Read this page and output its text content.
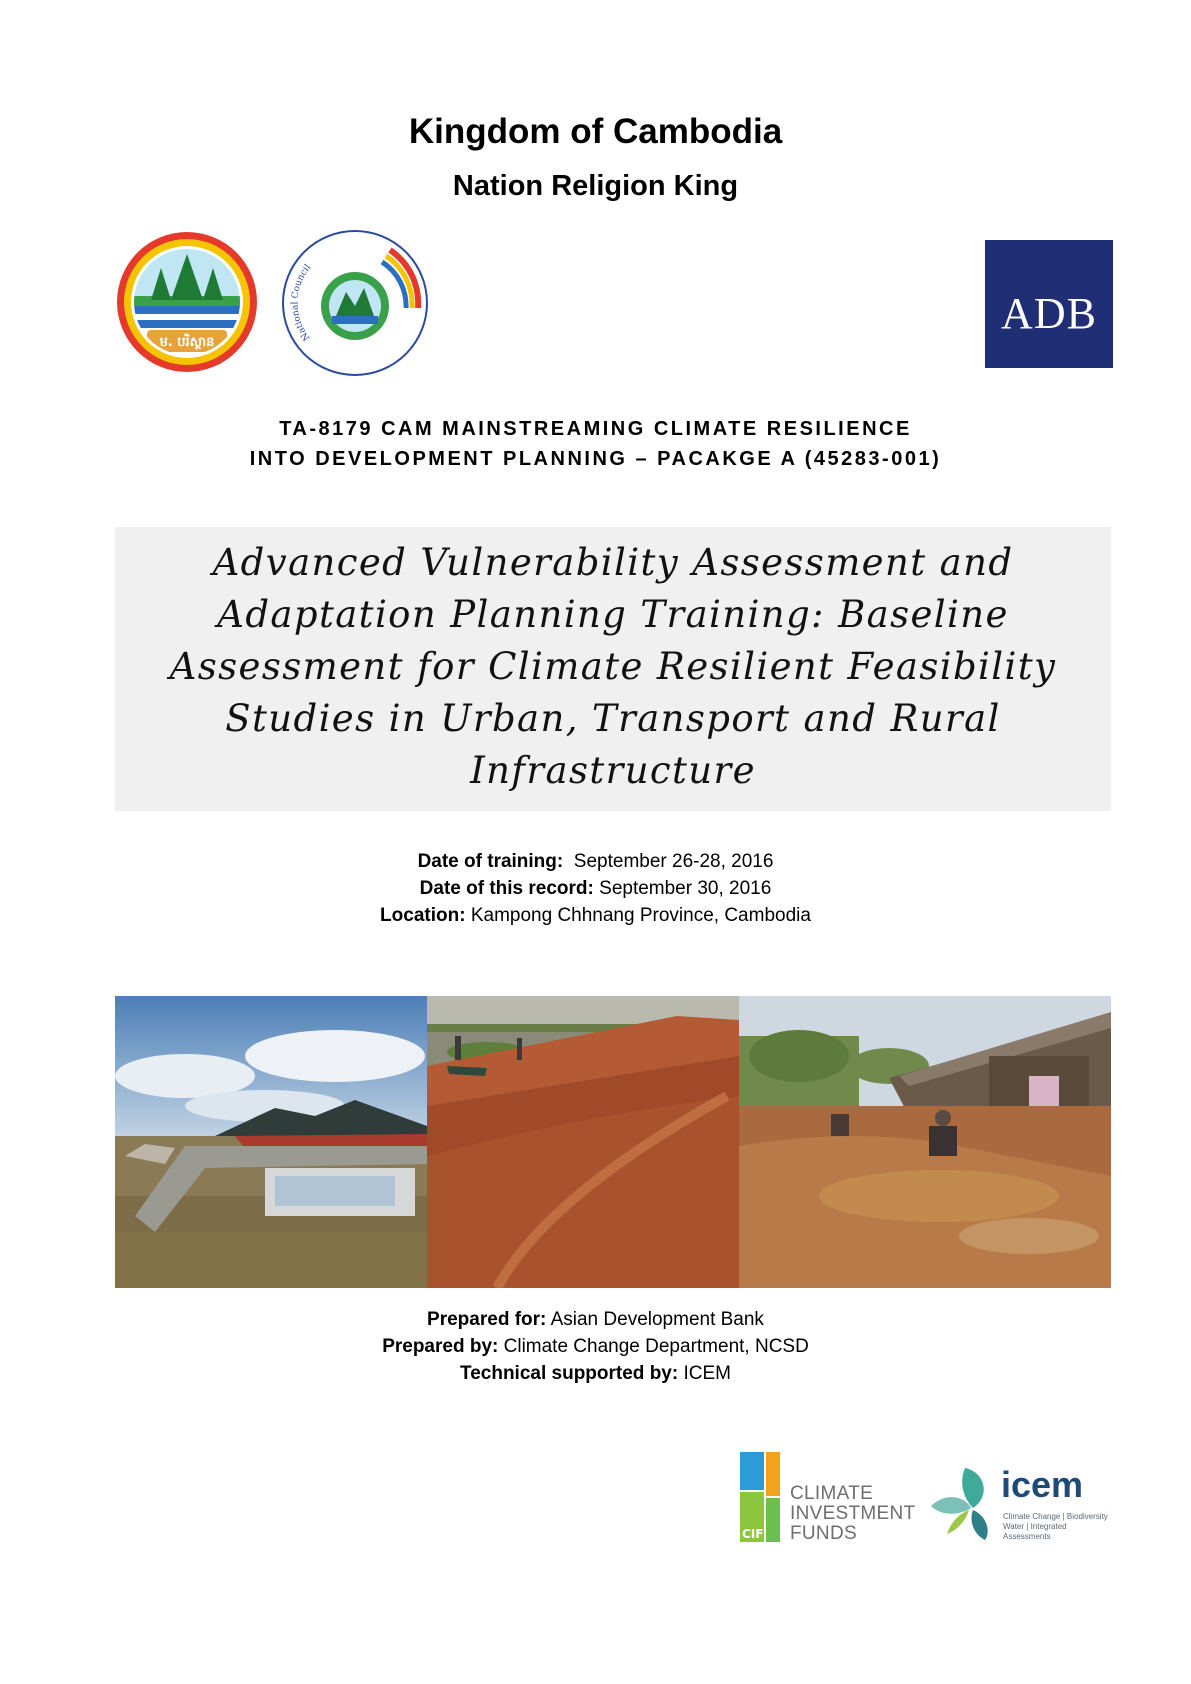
Kingdom of Cambodia
Nation Religion King
ម. បរិស្ថាន	National Council
ADB
TA-8179 CAM MAINSTREAMING CLIMATE RESILIENCE
INTO DEVELOPMENT PLANNING – PACAKGE A (45283-001)
Advanced Vulnerability Assessment and
Adaptation Planning Training: Baseline
Assessment for Climate Resilient Feasibility
Studies in Urban, Transport and Rural
Infrastructure
Date of training: September 26-28, 2016
Date of this record: September 30, 2016
Location: Kampong Chhnang Province, Cambodia
Prepared for: Asian Development Bank
Prepared by: Climate Change Department, NCSD
Technical supported by: ICEM
CIF
CLIMATE
INVESTMENT
FUNDS
icem
Climate Change | Biodiversity
Water | Integrated Assessments
